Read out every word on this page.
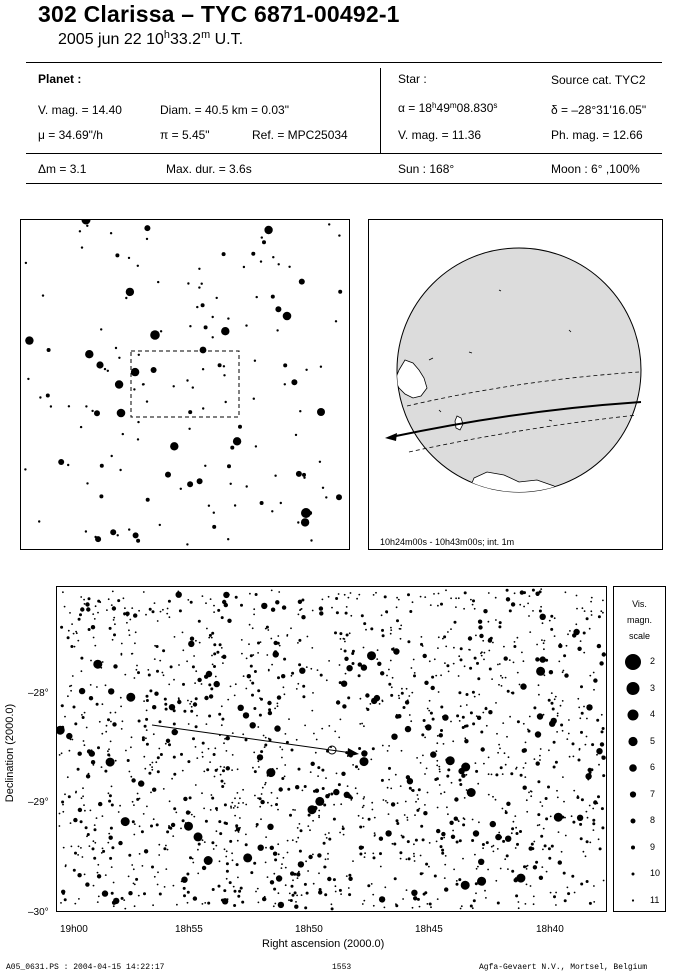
302 Clarissa – TYC 6871-00492-1
2005 jun 22 10$^h$33.2$^m$ U.T.
Planet :
V. mag. = 14.40	Diam. = 40.5 km = 0.03"
μ = 34.69"/h	π = 5.45"	Ref. = MPC25034
Star :	Source cat. TYC2
$\alpha = 18^h49^m08.830^s$	δ = –28°31'16.05"
V. mag. = 11.36	Ph. mag. = 12.66
Δm = 3.1	Max. dur. = 3.6s	Sun : 168°	Moon : 6° ,100%
10h24m00s - 10h43m00s; int. 1m
Declination (2000.0)
–28°
–29°
–30°
19h00	18h55	18h50	18h45	18h40
Right ascension (2000.0)
Vis.
magn.
scale
2
3
4
5
6
7
8
9
10
11
A05_0631.PS : 2004-04-15 14:22:17	1553	Agfa-Gevaert N.V., Mortsel, Belgium
